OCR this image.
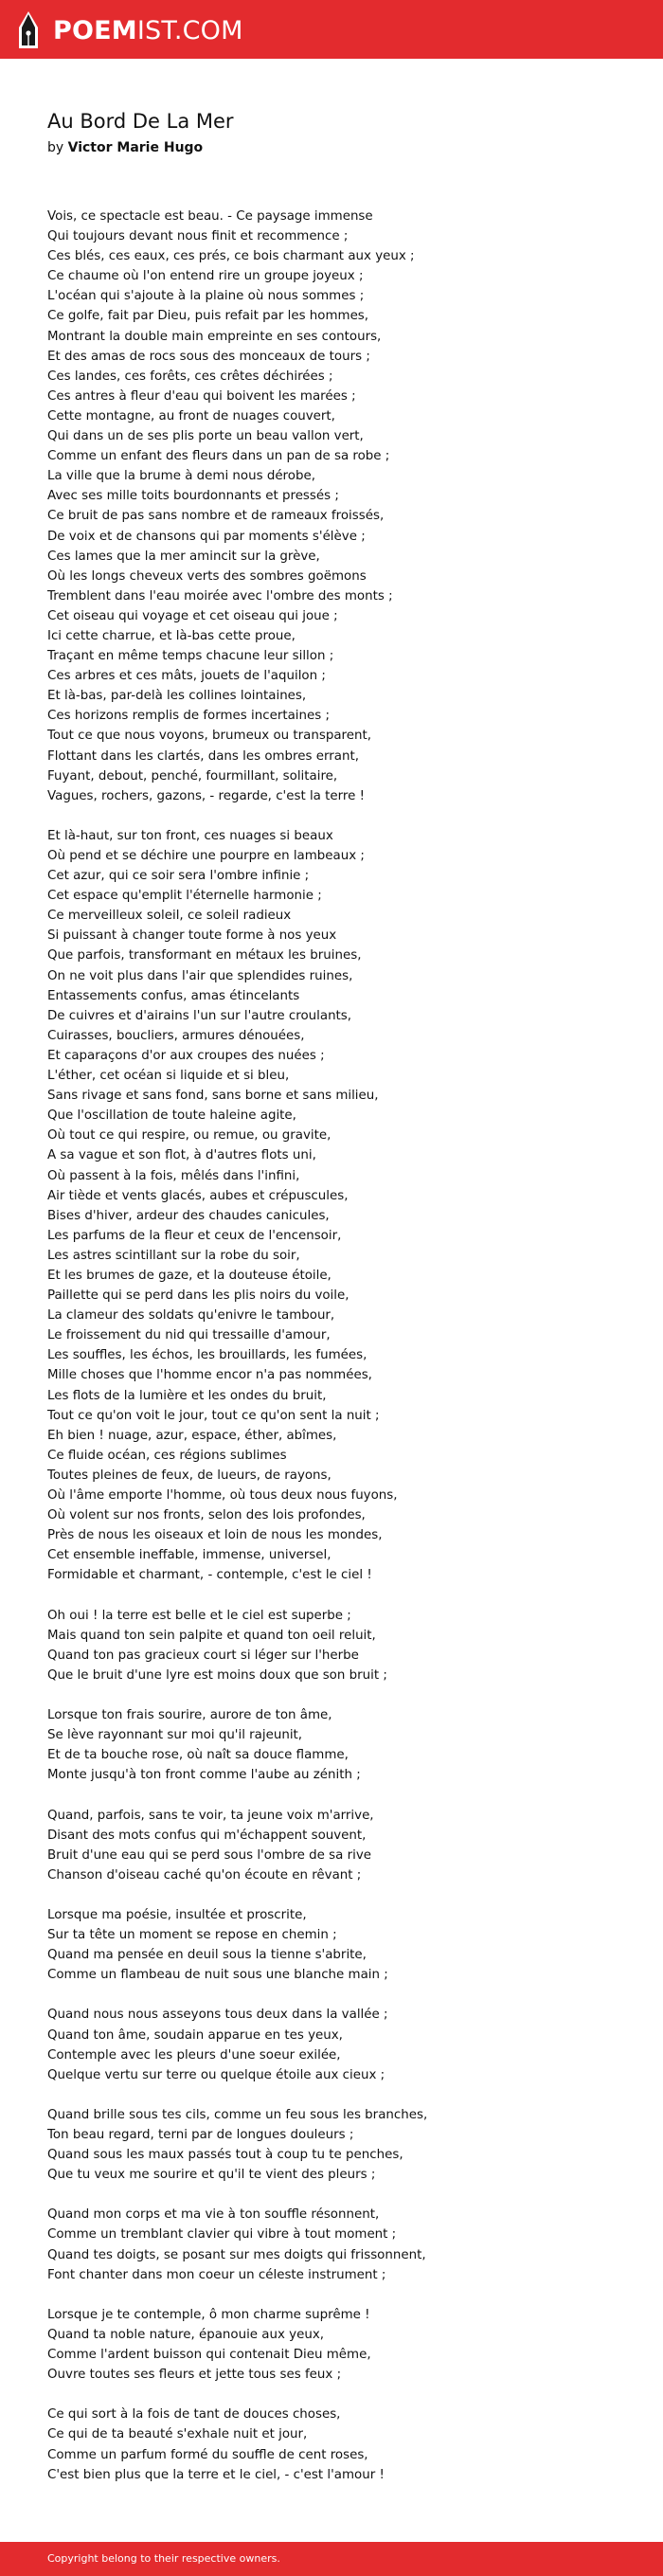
POEMIST.COM
Au Bord De La Mer
by Victor Marie Hugo
Vois, ce spectacle est beau. - Ce paysage immense
Qui toujours devant nous finit et recommence ;
Ces blés, ces eaux, ces prés, ce bois charmant aux yeux ;
Ce chaume où l'on entend rire un groupe joyeux ;
L'océan qui s'ajoute à la plaine où nous sommes ;
Ce golfe, fait par Dieu, puis refait par les hommes,
Montrant la double main empreinte en ses contours,
Et des amas de rocs sous des monceaux de tours ;
Ces landes, ces forêts, ces crêtes déchirées ;
Ces antres à fleur d'eau qui boivent les marées ;
Cette montagne, au front de nuages couvert,
Qui dans un de ses plis porte un beau vallon vert,
Comme un enfant des fleurs dans un pan de sa robe ;
La ville que la brume à demi nous dérobe,
Avec ses mille toits bourdonnants et pressés ;
Ce bruit de pas sans nombre et de rameaux froissés,
De voix et de chansons qui par moments s'élève ;
Ces lames que la mer amincit sur la grève,
Où les longs cheveux verts des sombres goëmons
Tremblent dans l'eau moirée avec l'ombre des monts ;
Cet oiseau qui voyage et cet oiseau qui joue ;
Ici cette charrue, et là-bas cette proue,
Traçant en même temps chacune leur sillon ;
Ces arbres et ces mâts, jouets de l'aquilon ;
Et là-bas, par-delà les collines lointaines,
Ces horizons remplis de formes incertaines ;
Tout ce que nous voyons, brumeux ou transparent,
Flottant dans les clartés, dans les ombres errant,
Fuyant, debout, penché, fourmillant, solitaire,
Vagues, rochers, gazons, - regarde, c'est la terre !
Et là-haut, sur ton front, ces nuages si beaux
Où pend et se déchire une pourpre en lambeaux ;
Cet azur, qui ce soir sera l'ombre infinie ;
Cet espace qu'emplit l'éternelle harmonie ;
Ce merveilleux soleil, ce soleil radieux
Si puissant à changer toute forme à nos yeux
Que parfois, transformant en métaux les bruines,
On ne voit plus dans l'air que splendides ruines,
Entassements confus, amas étincelants
De cuivres et d'airains l'un sur l'autre croulants,
Cuirasses, boucliers, armures dénouées,
Et caparaçons d'or aux croupes des nuées ;
L'éther, cet océan si liquide et si bleu,
Sans rivage et sans fond, sans borne et sans milieu,
Que l'oscillation de toute haleine agite,
Où tout ce qui respire, ou remue, ou gravite,
A sa vague et son flot, à d'autres flots uni,
Où passent à la fois, mêlés dans l'infini,
Air tiède et vents glacés, aubes et crépuscules,
Bises d'hiver, ardeur des chaudes canicules,
Les parfums de la fleur et ceux de l'encensoir,
Les astres scintillant sur la robe du soir,
Et les brumes de gaze, et la douteuse étoile,
Paillette qui se perd dans les plis noirs du voile,
La clameur des soldats qu'enivre le tambour,
Le froissement du nid qui tressaille d'amour,
Les souffles, les échos, les brouillards, les fumées,
Mille choses que l'homme encor n'a pas nommées,
Les flots de la lumière et les ondes du bruit,
Tout ce qu'on voit le jour, tout ce qu'on sent la nuit ;
Eh bien ! nuage, azur, espace, éther, abîmes,
Ce fluide océan, ces régions sublimes
Toutes pleines de feux, de lueurs, de rayons,
Où l'âme emporte l'homme, où tous deux nous fuyons,
Où volent sur nos fronts, selon des lois profondes,
Près de nous les oiseaux et loin de nous les mondes,
Cet ensemble ineffable, immense, universel,
Formidable et charmant, - contemple, c'est le ciel !
Oh oui ! la terre est belle et le ciel est superbe ;
Mais quand ton sein palpite et quand ton oeil reluit,
Quand ton pas gracieux court si léger sur l'herbe
Que le bruit d'une lyre est moins doux que son bruit ;
Lorsque ton frais sourire, aurore de ton âme,
Se lève rayonnant sur moi qu'il rajeunit,
Et de ta bouche rose, où naît sa douce flamme,
Monte jusqu'à ton front comme l'aube au zénith ;
Quand, parfois, sans te voir, ta jeune voix m'arrive,
Disant des mots confus qui m'échappent souvent,
Bruit d'une eau qui se perd sous l'ombre de sa rive
Chanson d'oiseau caché qu'on écoute en rêvant ;
Lorsque ma poésie, insultée et proscrite,
Sur ta tête un moment se repose en chemin ;
Quand ma pensée en deuil sous la tienne s'abrite,
Comme un flambeau de nuit sous une blanche main ;
Quand nous nous asseyons tous deux dans la vallée ;
Quand ton âme, soudain apparue en tes yeux,
Contemple avec les pleurs d'une soeur exilée,
Quelque vertu sur terre ou quelque étoile aux cieux ;
Quand brille sous tes cils, comme un feu sous les branches,
Ton beau regard, terni par de longues douleurs ;
Quand sous les maux passés tout à coup tu te penches,
Que tu veux me sourire et qu'il te vient des pleurs ;
Quand mon corps et ma vie à ton souffle résonnent,
Comme un tremblant clavier qui vibre à tout moment ;
Quand tes doigts, se posant sur mes doigts qui frissonnent,
Font chanter dans mon coeur un céleste instrument ;
Lorsque je te contemple, ô mon charme suprême !
Quand ta noble nature, épanouie aux yeux,
Comme l'ardent buisson qui contenait Dieu même,
Ouvre toutes ses fleurs et jette tous ses feux ;
Ce qui sort à la fois de tant de douces choses,
Ce qui de ta beauté s'exhale nuit et jour,
Comme un parfum formé du souffle de cent roses,
C'est bien plus que la terre et le ciel, - c'est l'amour !
Copyright belong to their respective owners.
